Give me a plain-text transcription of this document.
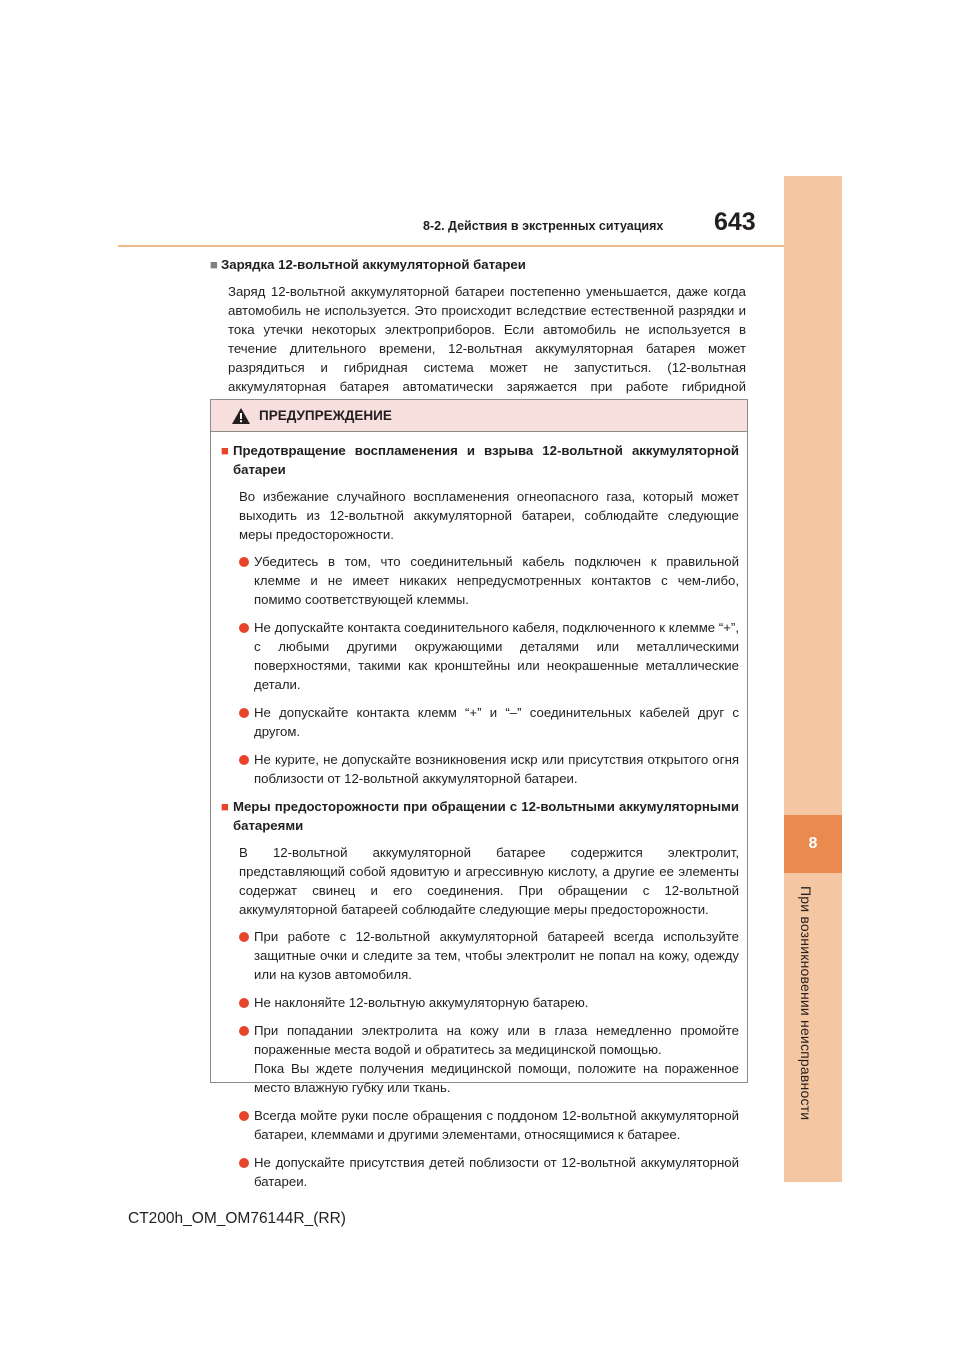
8
При возникновении неисправности
8-2. Действия в экстренных ситуациях 643

■ Зарядка 12-вольтной аккумуляторной батареи

Заряд 12-вольтной аккумуляторной батареи постепенно уменьшается, даже когда автомобиль не используется. Это происходит вследствие естественной разрядки и тока утечки некоторых электроприборов. Если автомобиль не используется в течение длительного времени, 12-вольтная аккумуляторная батарея может разрядиться и гибридная система может не запуститься. (12-вольтная аккумуляторная батарея автоматически заряжается при работе гибридной

ПРЕДУПРЕЖДЕНИЕ
■ Предотвращение воспламенения и взрыва 12-вольтной аккумуляторной батареи

Во избежание случайного воспламенения огнеопасного газа, который может выходить из 12-вольтной аккумуляторной батареи, соблюдайте следующие меры предосторожности.

Убедитесь в том, что соединительный кабель подключен к правильной клемме и не имеет никаких непредусмотренных контактов с чем-либо, помимо соответствующей клеммы.
Не допускайте контакта соединительного кабеля, подключенного к клемме “+”, с любыми другими окружающими деталями или металлическими поверхностями, такими как кронштейны или неокрашенные металлические детали.
Не допускайте контакта клемм “+” и “–” соединительных кабелей друг с другом.
Не курите, не допускайте возникновения искр или присутствия открытого огня поблизости от 12-вольтной аккумуляторной батареи.
■ Меры предосторожности при обращении с 12-вольтными аккумуляторными батареями

В 12-вольтной аккумуляторной батарее содержится электролит, представляющий собой ядовитую и агрессивную кислоту, а другие ее элементы содержат свинец и его соединения. При обращении с 12-вольтной аккумуляторной батареей соблюдайте следующие меры предосторожности.

При работе с 12-вольтной аккумуляторной батареей всегда используйте защитные очки и следите за тем, чтобы электролит не попал на кожу, одежду или на кузов автомобиля.
Не наклоняйте 12-вольтную аккумуляторную батарею.
При попадании электролита на кожу или в глаза немедленно промойте пораженные места водой и обратитесь за медицинской помощью.

Пока Вы ждете получения медицинской помощи, положите на пораженное место влажную губку или ткань.

Всегда мойте руки после обращения с поддоном 12-вольтной аккумуляторной батареи, клеммами и другими элементами, относящимися к батарее.
Не допускайте присутствия детей поблизости от 12-вольтной аккумуляторной батареи.
CT200h_OM_OM76144R_(RR)
